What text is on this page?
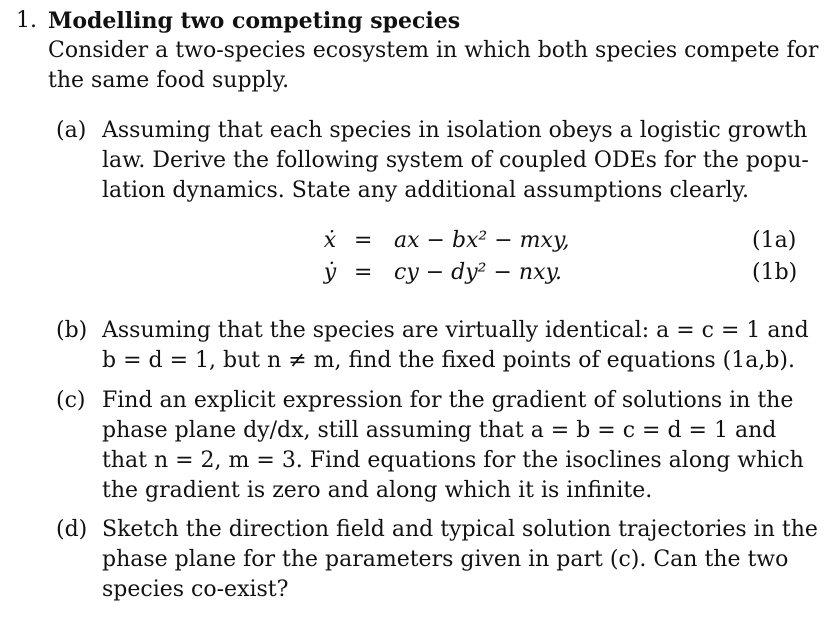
1. Modelling two competing species
Consider a two-species ecosystem in which both species compete for
the same food supply.
(a) Assuming that each species in isolation obeys a logistic growth
law. Derive the following system of coupled ODEs for the popu-
lation dynamics. State any additional assumptions clearly.
ẋ = ax − bx² − mxy,	(1a)
ẏ = cy − dy² − nxy.	(1b)
(b) Assuming that the species are virtually identical: a = c = 1 and
b = d = 1, but n ≠ m, find the fixed points of equations (1a,b).
(c) Find an explicit expression for the gradient of solutions in the
phase plane dy/dx, still assuming that a = b = c = d = 1 and
that n = 2, m = 3. Find equations for the isoclines along which
the gradient is zero and along which it is infinite.
(d) Sketch the direction field and typical solution trajectories in the
phase plane for the parameters given in part (c). Can the two
species co-exist?
